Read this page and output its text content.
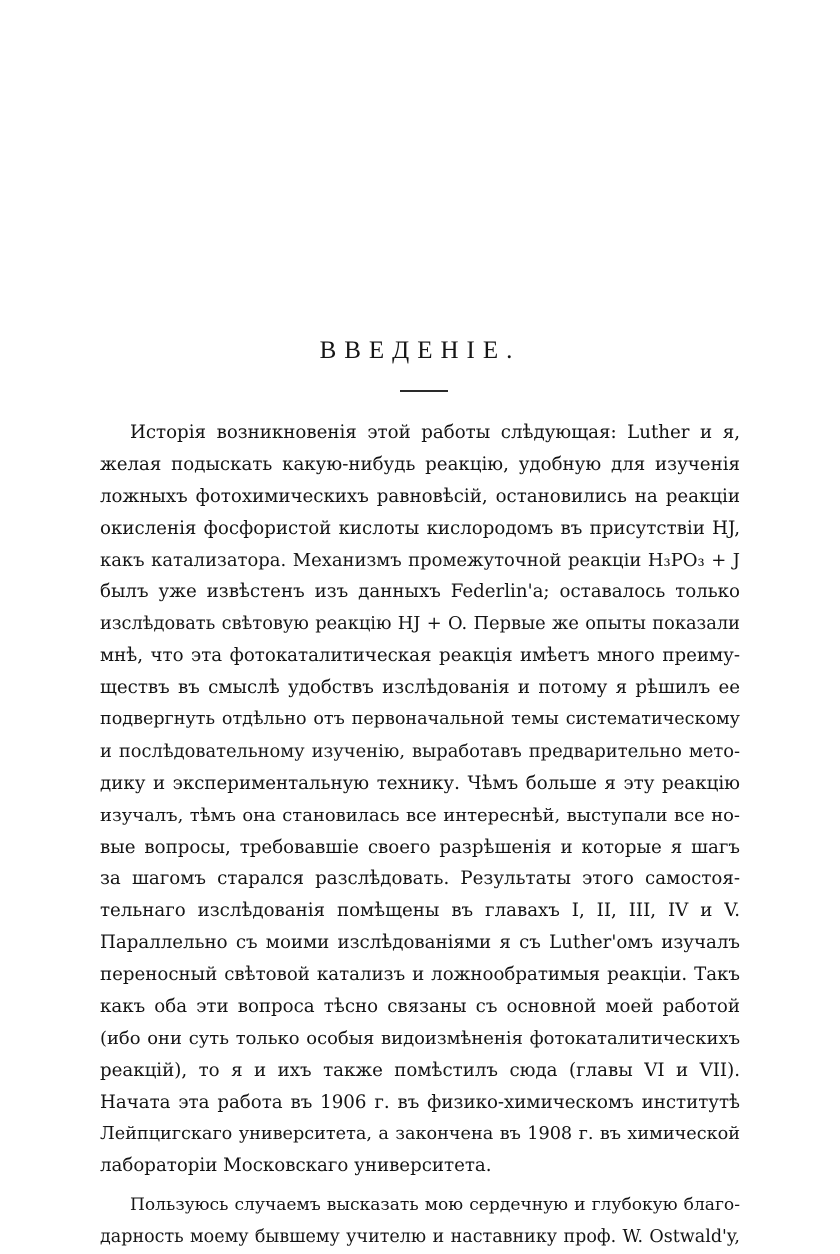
ВВЕДЕНІЕ.
Исторія возникновенія этой работы слѣдующая: Luther и я,
желая подыскать какую-нибудь реакцію, удобную для изученія
ложныхъ фотохимическихъ равновѣсій, остановились на реакціи
окисленія фосфористой кислоты кислородомъ въ присутствіи HJ,
какъ катализатора. Механизмъ промежуточной реакціи H₃PO₃ + J
былъ уже извѣстенъ изъ данныхъ Federlin'a; оставалось только
изслѣдовать свѣтовую реакцію HJ + O. Первые же опыты показали
мнѣ, что эта фотокаталитическая реакція имѣетъ много преиму-
ществъ въ смыслѣ удобствъ изслѣдованія и потому я рѣшилъ ее
подвергнуть отдѣльно отъ первоначальной темы систематическому
и послѣдовательному изученію, выработавъ предварительно мето-
дику и экспериментальную технику. Чѣмъ больше я эту реакцію
изучалъ, тѣмъ она становилась все интереснѣй, выступали все но-
вые вопросы, требовавшіе своего разрѣшенія и которые я шагъ
за шагомъ старался разслѣдовать. Результаты этого самостоя-
тельнаго изслѣдованія помѣщены въ главахъ I, II, III, IV и V.
Параллельно съ моими изслѣдованіями я съ Luther'омъ изучалъ
переносный свѣтовой катализъ и ложнообратимыя реакціи. Такъ
какъ оба эти вопроса тѣсно связаны съ основной моей работой
(ибо они суть только особыя видоизмѣненія фотокаталитическихъ
реакцій), то я и ихъ также помѣстилъ сюда (главы VI и VII).
Начата эта работа въ 1906 г. въ физико-химическомъ институтѣ
Лейпцигскаго университета, а закончена въ 1908 г. въ химической
лабораторіи Московскаго университета.
Пользуюсь случаемъ высказать мою сердечную и глубокую благо-
дарность моему бывшему учителю и наставнику проф. W. Ostwald'y,
